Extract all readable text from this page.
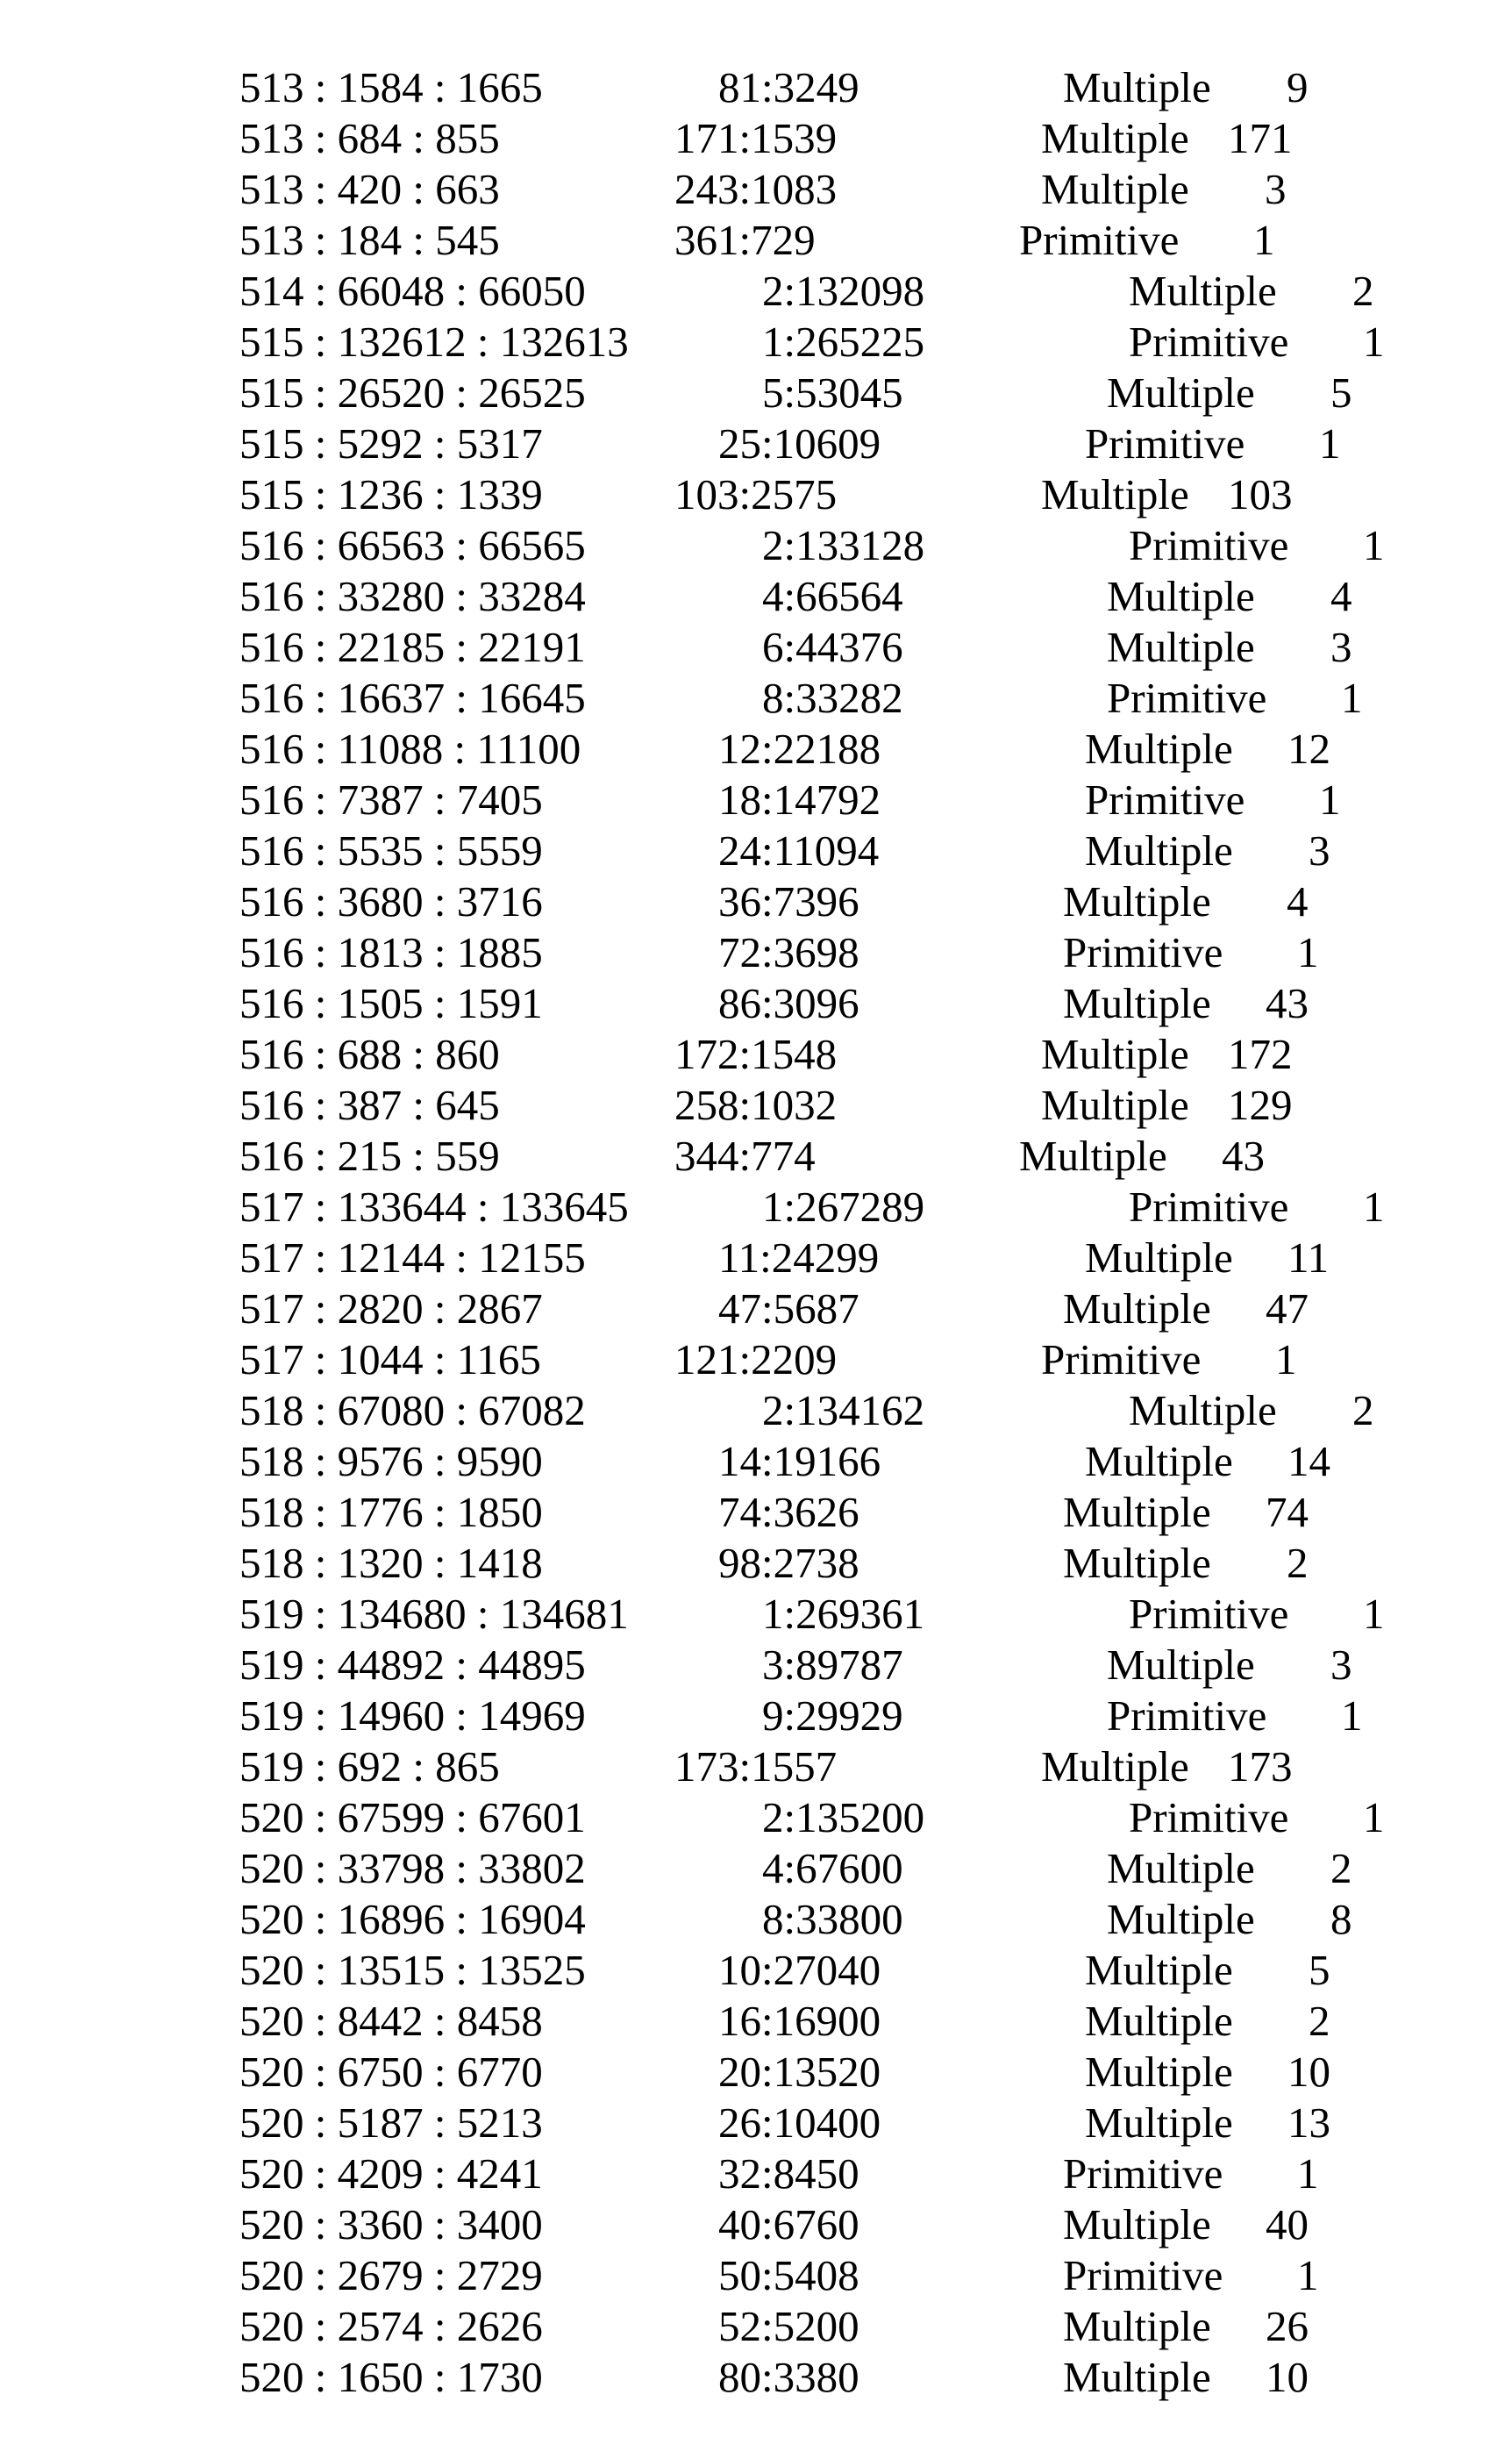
513 : 1584 : 1665	81:3249	Multiple 9
513 : 684 : 855	171:1539	Multiple 171
513 : 420 : 663	243:1083	Multiple 3
513 : 184 : 545	361:729	Primitive 1
514 : 66048 : 66050	2:132098	Multiple 2
515 : 132612 : 132613	1:265225	Primitive 1
515 : 26520 : 26525	5:53045	Multiple 5
515 : 5292 : 5317	25:10609	Primitive 1
515 : 1236 : 1339	103:2575	Multiple 103
516 : 66563 : 66565	2:133128	Primitive 1
516 : 33280 : 33284	4:66564	Multiple 4
516 : 22185 : 22191	6:44376	Multiple 3
516 : 16637 : 16645	8:33282	Primitive 1
516 : 11088 : 11100	12:22188	Multiple 12
516 : 7387 : 7405	18:14792	Primitive 1
516 : 5535 : 5559	24:11094	Multiple 3
516 : 3680 : 3716	36:7396	Multiple 4
516 : 1813 : 1885	72:3698	Primitive 1
516 : 1505 : 1591	86:3096	Multiple 43
516 : 688 : 860	172:1548	Multiple 172
516 : 387 : 645	258:1032	Multiple 129
516 : 215 : 559	344:774	Multiple 43
517 : 133644 : 133645	1:267289	Primitive 1
517 : 12144 : 12155	11:24299	Multiple 11
517 : 2820 : 2867	47:5687	Multiple 47
517 : 1044 : 1165	121:2209	Primitive 1
518 : 67080 : 67082	2:134162	Multiple 2
518 : 9576 : 9590	14:19166	Multiple 14
518 : 1776 : 1850	74:3626	Multiple 74
518 : 1320 : 1418	98:2738	Multiple 2
519 : 134680 : 134681	1:269361	Primitive 1
519 : 44892 : 44895	3:89787	Multiple 3
519 : 14960 : 14969	9:29929	Primitive 1
519 : 692 : 865	173:1557	Multiple 173
520 : 67599 : 67601	2:135200	Primitive 1
520 : 33798 : 33802	4:67600	Multiple 2
520 : 16896 : 16904	8:33800	Multiple 8
520 : 13515 : 13525	10:27040	Multiple 5
520 : 8442 : 8458	16:16900	Multiple 2
520 : 6750 : 6770	20:13520	Multiple 10
520 : 5187 : 5213	26:10400	Multiple 13
520 : 4209 : 4241	32:8450	Primitive 1
520 : 3360 : 3400	40:6760	Multiple 40
520 : 2679 : 2729	50:5408	Primitive 1
520 : 2574 : 2626	52:5200	Multiple 26
520 : 1650 : 1730	80:3380	Multiple 10
